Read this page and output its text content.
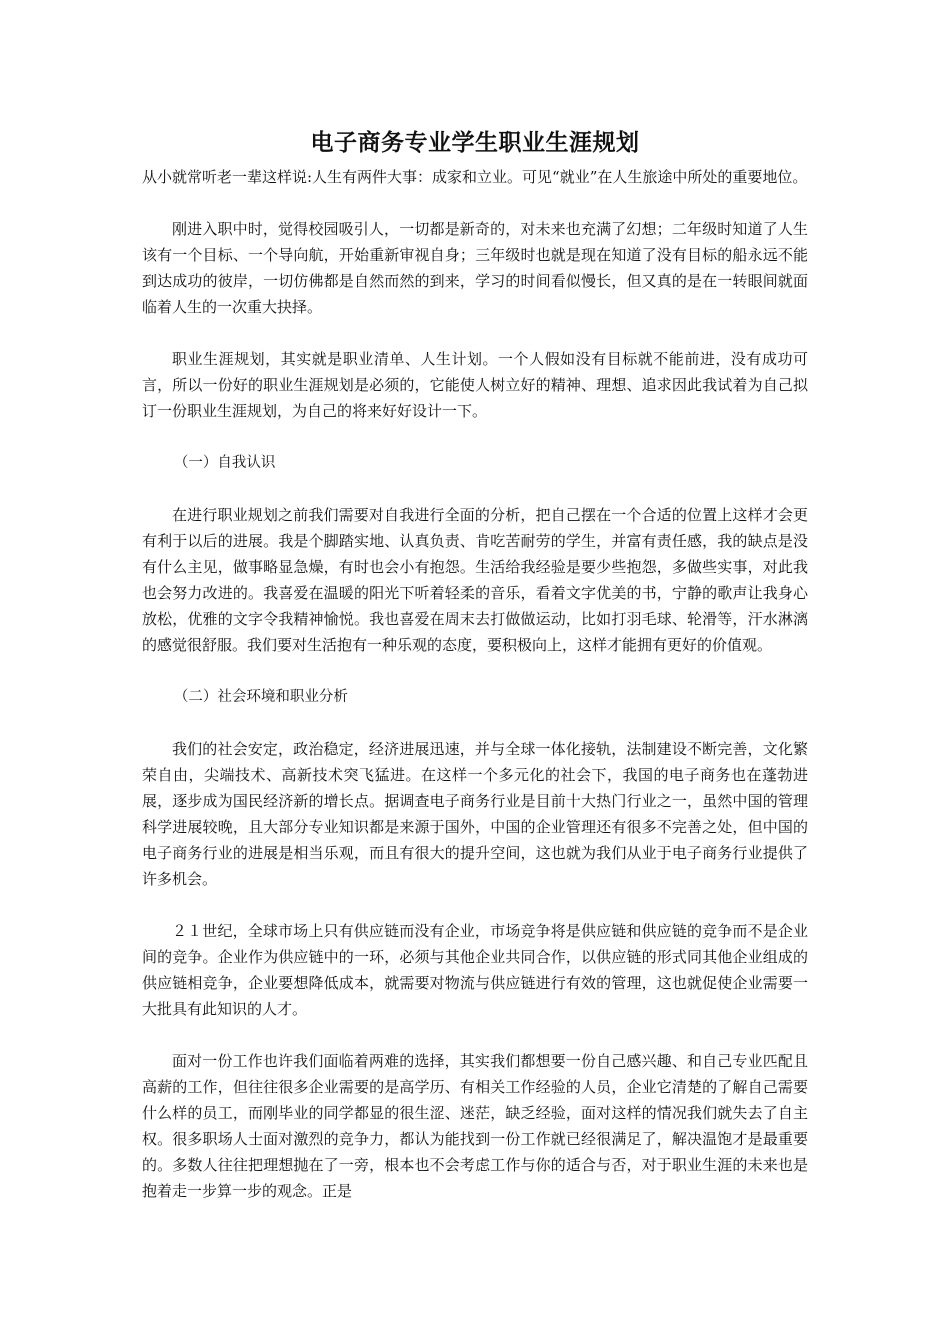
电子商务专业学生职业生涯规划

从小就常听老一辈这样说:人生有两件大事：成家和立业。可见“就业”在人生旅途中所处的重要地位。

刚进入职中时，觉得校园吸引人，一切都是新奇的，对未来也充满了幻想；二年级时知道了人生该有一个目标、一个导向航，开始重新审视自身；三年级时也就是现在知道了没有目标的船永远不能到达成功的彼岸，一切仿佛都是自然而然的到来，学习的时间看似慢长，但又真的是在一转眼间就面临着人生的一次重大抉择。

职业生涯规划，其实就是职业清单、人生计划。一个人假如没有目标就不能前进，没有成功可言，所以一份好的职业生涯规划是必须的，它能使人树立好的精神、理想、追求因此我试着为自己拟订一份职业生涯规划，为自己的将来好好设计一下。

（一）自我认识

在进行职业规划之前我们需要对自我进行全面的分析，把自己摆在一个合适的位置上这样才会更有利于以后的进展。我是个脚踏实地、认真负责、肯吃苦耐劳的学生，并富有责任感，我的缺点是没有什么主见，做事略显急燥，有时也会小有抱怨。生活给我经验是要少些抱怨，多做些实事，对此我也会努力改进的。我喜爱在温暖的阳光下听着轻柔的音乐，看着文字优美的书，宁静的歌声让我身心放松，优雅的文字令我精神愉悦。我也喜爱在周末去打做做运动，比如打羽毛球、轮滑等，汗水淋漓的感觉很舒服。我们要对生活抱有一种乐观的态度，要积极向上，这样才能拥有更好的价值观。

（二）社会环境和职业分析

我们的社会安定，政治稳定，经济进展迅速，并与全球一体化接轨，法制建设不断完善，文化繁荣自由，尖端技术、高新技术突飞猛进。在这样一个多元化的社会下，我国的电子商务也在蓬勃进展，逐步成为国民经济新的增长点。据调查电子商务行业是目前十大热门行业之一，虽然中国的管理科学进展较晚，且大部分专业知识都是来源于国外，中国的企业管理还有很多不完善之处，但中国的电子商务行业的进展是相当乐观，而且有很大的提升空间，这也就为我们从业于电子商务行业提供了许多机会。

２１世纪，全球市场上只有供应链而没有企业，市场竞争将是供应链和供应链的竞争而不是企业间的竞争。企业作为供应链中的一环，必须与其他企业共同合作，以供应链的形式同其他企业组成的供应链相竞争，企业要想降低成本，就需要对物流与供应链进行有效的管理，这也就促使企业需要一大批具有此知识的人才。

面对一份工作也许我们面临着两难的选择，其实我们都想要一份自己感兴趣、和自己专业匹配且高薪的工作，但往往很多企业需要的是高学历、有相关工作经验的人员，企业它清楚的了解自己需要什么样的员工，而刚毕业的同学都显的很生涩、迷茫，缺乏经验，面对这样的情况我们就失去了自主权。很多职场人士面对激烈的竞争力，都认为能找到一份工作就已经很满足了，解决温饱才是最重要的。多数人往往把理想抛在了一旁，根本也不会考虑工作与你的适合与否，对于职业生涯的未来也是抱着走一步算一步的观念。正是
